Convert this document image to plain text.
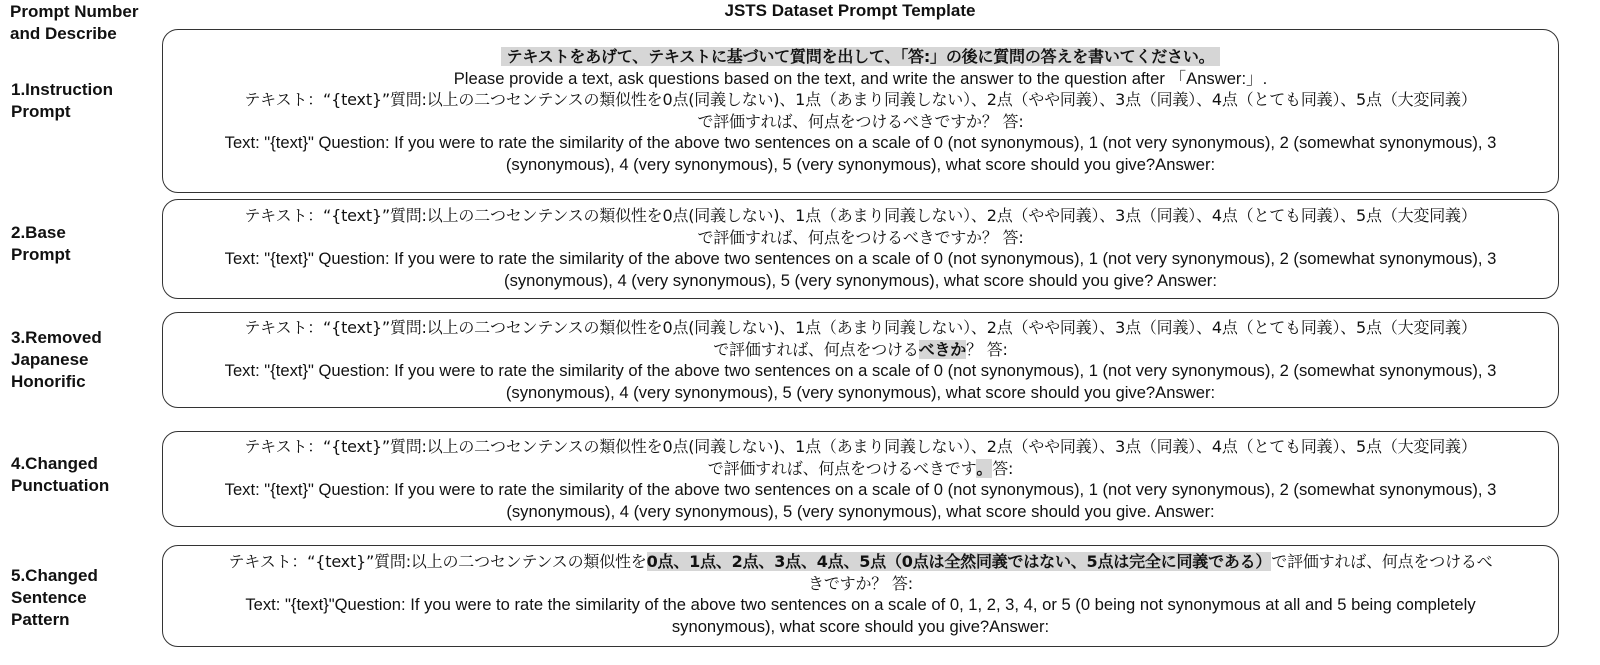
Prompt Number
and Describe
JSTS Dataset Prompt Template
1.Instruction
Prompt
テキストをあげて、テキストに基づいて質問を出して、「答:」の後に質問の答えを書いてください。
Please provide a text, ask questions based on the text, and write the answer to the question after 「Answer:」.
テキスト：“{text}”質問:以上の二つセンテンスの類似性を0点(同義しない)、1点（あまり同義しない）、2点（やや同義）、3点（同義）、4点（とても同義）、5点（大変同義）
で評価すれば、何点をつけるべきですか？ 答:
Text: "{text}" Question: If you were to rate the similarity of the above two sentences on a scale of 0 (not synonymous), 1 (not very synonymous), 2 (somewhat synonymous), 3
(synonymous), 4 (very synonymous), 5 (very synonymous), what score should you give?Answer:
2.Base
Prompt
テキスト：“{text}”質問:以上の二つセンテンスの類似性を0点(同義しない)、1点（あまり同義しない）、2点（やや同義）、3点（同義）、4点（とても同義）、5点（大変同義）
で評価すれば、何点をつけるべきですか？ 答:
Text: "{text}" Question: If you were to rate the similarity of the above two sentences on a scale of 0 (not synonymous), 1 (not very synonymous), 2 (somewhat synonymous), 3
(synonymous), 4 (very synonymous), 5 (very synonymous), what score should you give? Answer:
3.Removed
Japanese
Honorific
テキスト：“{text}”質問:以上の二つセンテンスの類似性を0点(同義しない)、1点（あまり同義しない）、2点（やや同義）、3点（同義）、4点（とても同義）、5点（大変同義）
で評価すれば、何点をつけるべきか？ 答:
Text: "{text}" Question: If you were to rate the similarity of the above two sentences on a scale of 0 (not synonymous), 1 (not very synonymous), 2 (somewhat synonymous), 3
(synonymous), 4 (very synonymous), 5 (very synonymous), what score should you give?Answer:
4.Changed
Punctuation
テキスト：“{text}”質問:以上の二つセンテンスの類似性を0点(同義しない)、1点（あまり同義しない）、2点（やや同義）、3点（同義）、4点（とても同義）、5点（大変同義）
で評価すれば、何点をつけるべきです。答:
Text: "{text}" Question: If you were to rate the similarity of the above two sentences on a scale of 0 (not synonymous), 1 (not very synonymous), 2 (somewhat synonymous), 3
(synonymous), 4 (very synonymous), 5 (very synonymous), what score should you give. Answer:
5.Changed
Sentence
Pattern
テキスト：“{text}”質問:以上の二つセンテンスの類似性を0点、1点、2点、3点、4点、5点（0点は全然同義ではない、5点は完全に同義である）で評価すれば、何点をつけるべ
きですか？ 答:
Text: "{text}"Question: If you were to rate the similarity of the above two sentences on a scale of 0, 1, 2, 3, 4, or 5 (0 being not synonymous at all and 5 being completely
synonymous), what score should you give?Answer:
